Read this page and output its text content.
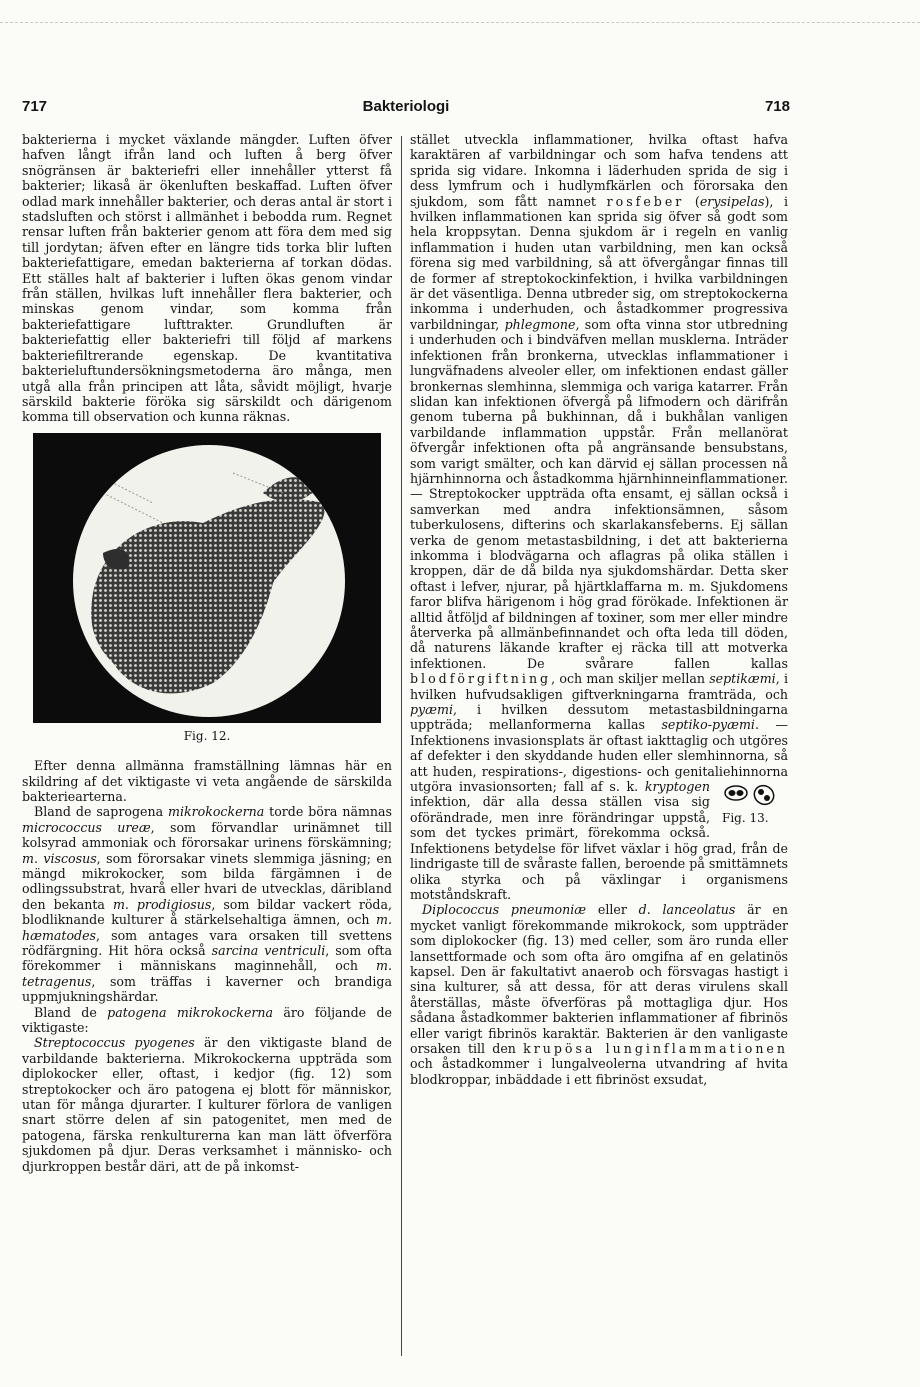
717	Bakteriologi	718

bakterierna i mycket växlande mängder. Luften öfver hafven långt ifrån land och luften å berg öfver snögränsen är bakteriefri eller innehåller ytterst få bakterier; likaså är ökenluften beskaffad. Luften öfver odlad mark innehåller bakterier, och deras antal är stort i stadsluften och störst i allmänhet i bebodda rum. Regnet rensar luften från bakterier genom att föra dem med sig till jordytan; äfven efter en längre tids torka blir luften bakteriefattigare, emedan bakterierna af torkan dödas. Ett ställes halt af bakterier i luften ökas genom vindar från ställen, hvilkas luft innehåller flera bakterier, och minskas genom vindar, som komma från bakteriefattigare lufttrakter. Grundluften är bakteriefattig eller bakteriefri till följd af markens bakteriefiltrerande egenskap. De kvantitativa bakterieluftundersökningsmetoderna äro många, men utgå alla från principen att låta, såvidt möjligt, hvarje särskild bakterie föröka sig särskildt och därigenom komma till observation och kunna räknas.

Fig. 12.

Efter denna allmänna framställning lämnas här en skildring af det viktigaste vi veta angående de särskilda bakteriearterna.

Bland de saprogena mikrokockerna torde böra nämnas micrococcus ureæ, som förvandlar urinämnet till kolsyrad ammoniak och förorsakar urinens förskämning; m. viscosus, som förorsakar vinets slemmiga jäsning; en mängd mikrokocker, som bilda färgämnen i de odlingssubstrat, hvarå eller hvari de utvecklas, däribland den bekanta m. prodigiosus, som bildar vackert röda, blodliknande kulturer å stärkelsehaltiga ämnen, och m. hæmatodes, som antages vara orsaken till svettens rödfärgning. Hit höra också sarcina ventriculi, som ofta förekommer i människans maginnehåll, och m. tetragenus, som träffas i kaverner och brandiga uppmjukningshärdar.

Bland de patogena mikrokockerna äro följande de viktigaste:

Streptococcus pyogenes är den viktigaste bland de varbildande bakterierna. Mikrokockerna uppträda som diplokocker eller, oftast, i kedjor (fig. 12) som streptokocker och äro patogena ej blott för människor, utan för många djurarter. I kulturer förlora de vanligen snart större delen af sin patogenitet, men med de patogena, färska renkulturerna kan man lätt öfverföra sjukdomen på djur. Deras verksamhet i människo- och djurkroppen består däri, att de på inkomst-

stället utveckla inflammationer, hvilka oftast hafva karaktären af varbildningar och som hafva tendens att sprida sig vidare. Inkomna i läderhuden sprida de sig i dess lymfrum och i hudlymfkärlen och förorsaka den sjukdom, som fått namnet rosfeber (erysipelas), i hvilken inflammationen kan sprida sig öfver så godt som hela kroppsytan. Denna sjukdom är i regeln en vanlig inflammation i huden utan varbildning, men kan också förena sig med varbildning, så att öfvergångar finnas till de former af streptokockinfektion, i hvilka varbildningen är det väsentliga. Denna utbreder sig, om streptokockerna inkomma i underhuden, och åstadkommer progressiva varbildningar, phlegmone, som ofta vinna stor utbredning i underhuden och i bindväfven mellan musklerna. Inträder infektionen från bronkerna, utvecklas inflammationer i lungväfnadens alveoler eller, om infektionen endast gäller bronkernas slemhinna, slemmiga och variga katarrer. Från slidan kan infektionen öfvergå på lifmodern och därifrån genom tuberna på bukhinnan, då i bukhålan vanligen varbildande inflammation uppstår. Från mellanörat öfvergår infektionen ofta på angränsande bensubstans, som varigt smälter, och kan därvid ej sällan processen nå hjärnhinnorna och åstadkomma hjärnhinneinflammationer. — Streptokocker uppträda ofta ensamt, ej sällan också i samverkan med andra infektionsämnen, såsom tuberkulosens, difterins och skarlakansfeberns. Ej sällan verka de genom metastasbildning, i det att bakterierna inkomma i blodvägarna och aflagras på olika ställen i kroppen, där de då bilda nya sjukdomshärdar. Detta sker oftast i lefver, njurar, på hjärtklaffarna m. m. Sjukdomens faror blifva härigenom i hög grad förökade. Infektionen är alltid åtföljd af bildningen af toxiner, som mer eller mindre återverka på allmänbefinnandet och ofta leda till döden, då naturens läkande krafter ej räcka till att motverka infektionen. De svårare fallen kallas blodförgiftning, och man skiljer mellan septikæmi, i hvilken hufvudsakligen giftverkningarna framträda, och pyæmi, i hvilken dessutom metastasbildningarna uppträda; mellanformerna kallas septiko-pyæmi. — Infektionens invasionsplats är oftast iakttaglig och utgöres af defekter i den skyddande huden eller slemhinnorna, så att huden, respirations-, digestions- och genitaliehinnorna utgöra invasionsorten; fall af s. k. kryptogen
Fig. 13.
infektion, där alla dessa ställen visa sig oförändrade, men inre förändringar uppstå, som det tyckes primärt, förekomma också. Infektionens betydelse för lifvet växlar i hög grad, från de lindrigaste till de svåraste fallen, beroende på smittämnets olika styrka och på växlingar i organismens motståndskraft.

Diplococcus pneumoniæ eller d. lanceolatus är en mycket vanligt förekommande mikrokock, som uppträder som diplokocker (fig. 13) med celler, som äro runda eller lansettformade och som ofta äro omgifna af en gelatinös kapsel. Den är fakultativt anaerob och försvagas hastigt i sina kulturer, så att dessa, för att deras virulens skall återställas, måste öfverföras på mottagliga djur. Hos sådana åstadkommer bakterien inflammationer af fibrinös eller varigt fibrinös karaktär. Bakterien är den vanligaste orsaken till den krupösa lunginflammationen och åstadkommer i lungalveolerna utvandring af hvita blodkroppar, inbäddade i ett fibrinöst exsudat,
